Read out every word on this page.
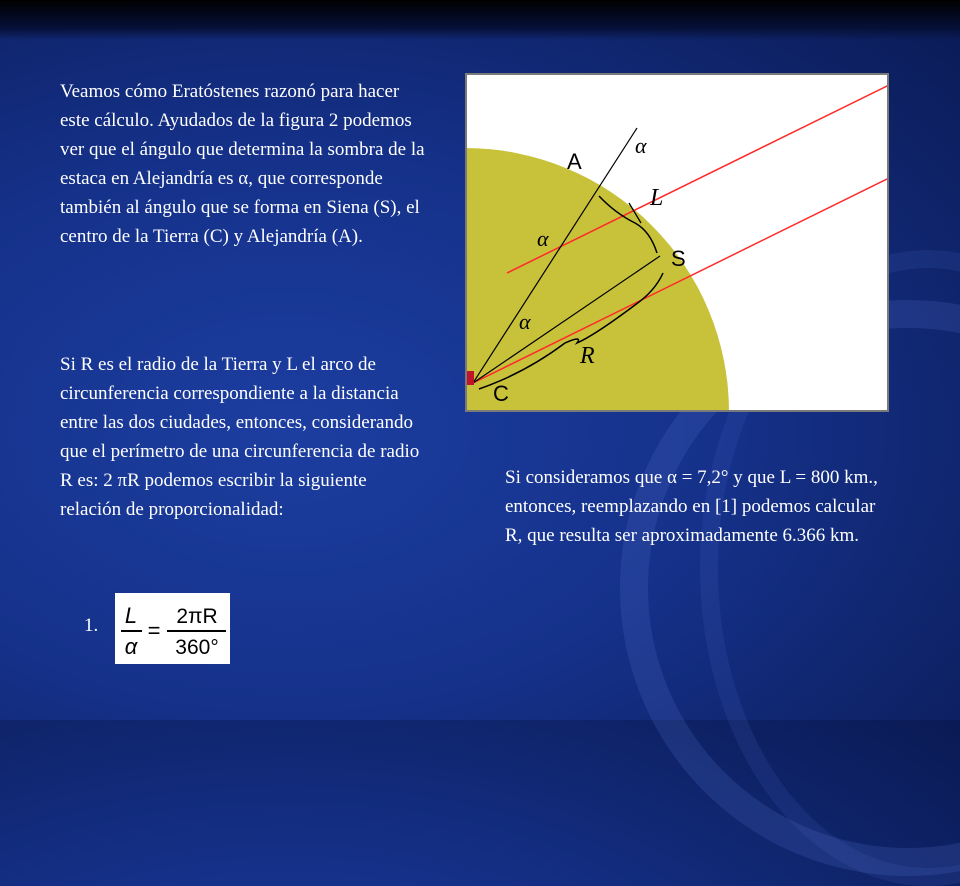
Veamos cómo Eratóstenes razonó para hacer este cálculo. Ayudados de la figura 2 podemos ver que el ángulo que determina la sombra de la estaca en Alejandría es α, que corresponde también al ángulo que se forma en Siena (S), el centro de la Tierra (C) y Alejandría (A).

Si R es el radio de la Tierra y L el arco de circunferencia correspondiente a la distancia entre las dos ciudades, entonces, considerando que el perímetro de una circunferencia de radio R es: 2 πR podemos escribir la siguiente relación de proporcionalidad:

Si consideramos que α = 7,2° y que L = 800 km., entonces, reemplazando en [1] podemos calcular R, que resulta ser aproximadamente 6.366 km.

1. L
α
=
2πR
360°
A
S
C
L
R
α
α
α
